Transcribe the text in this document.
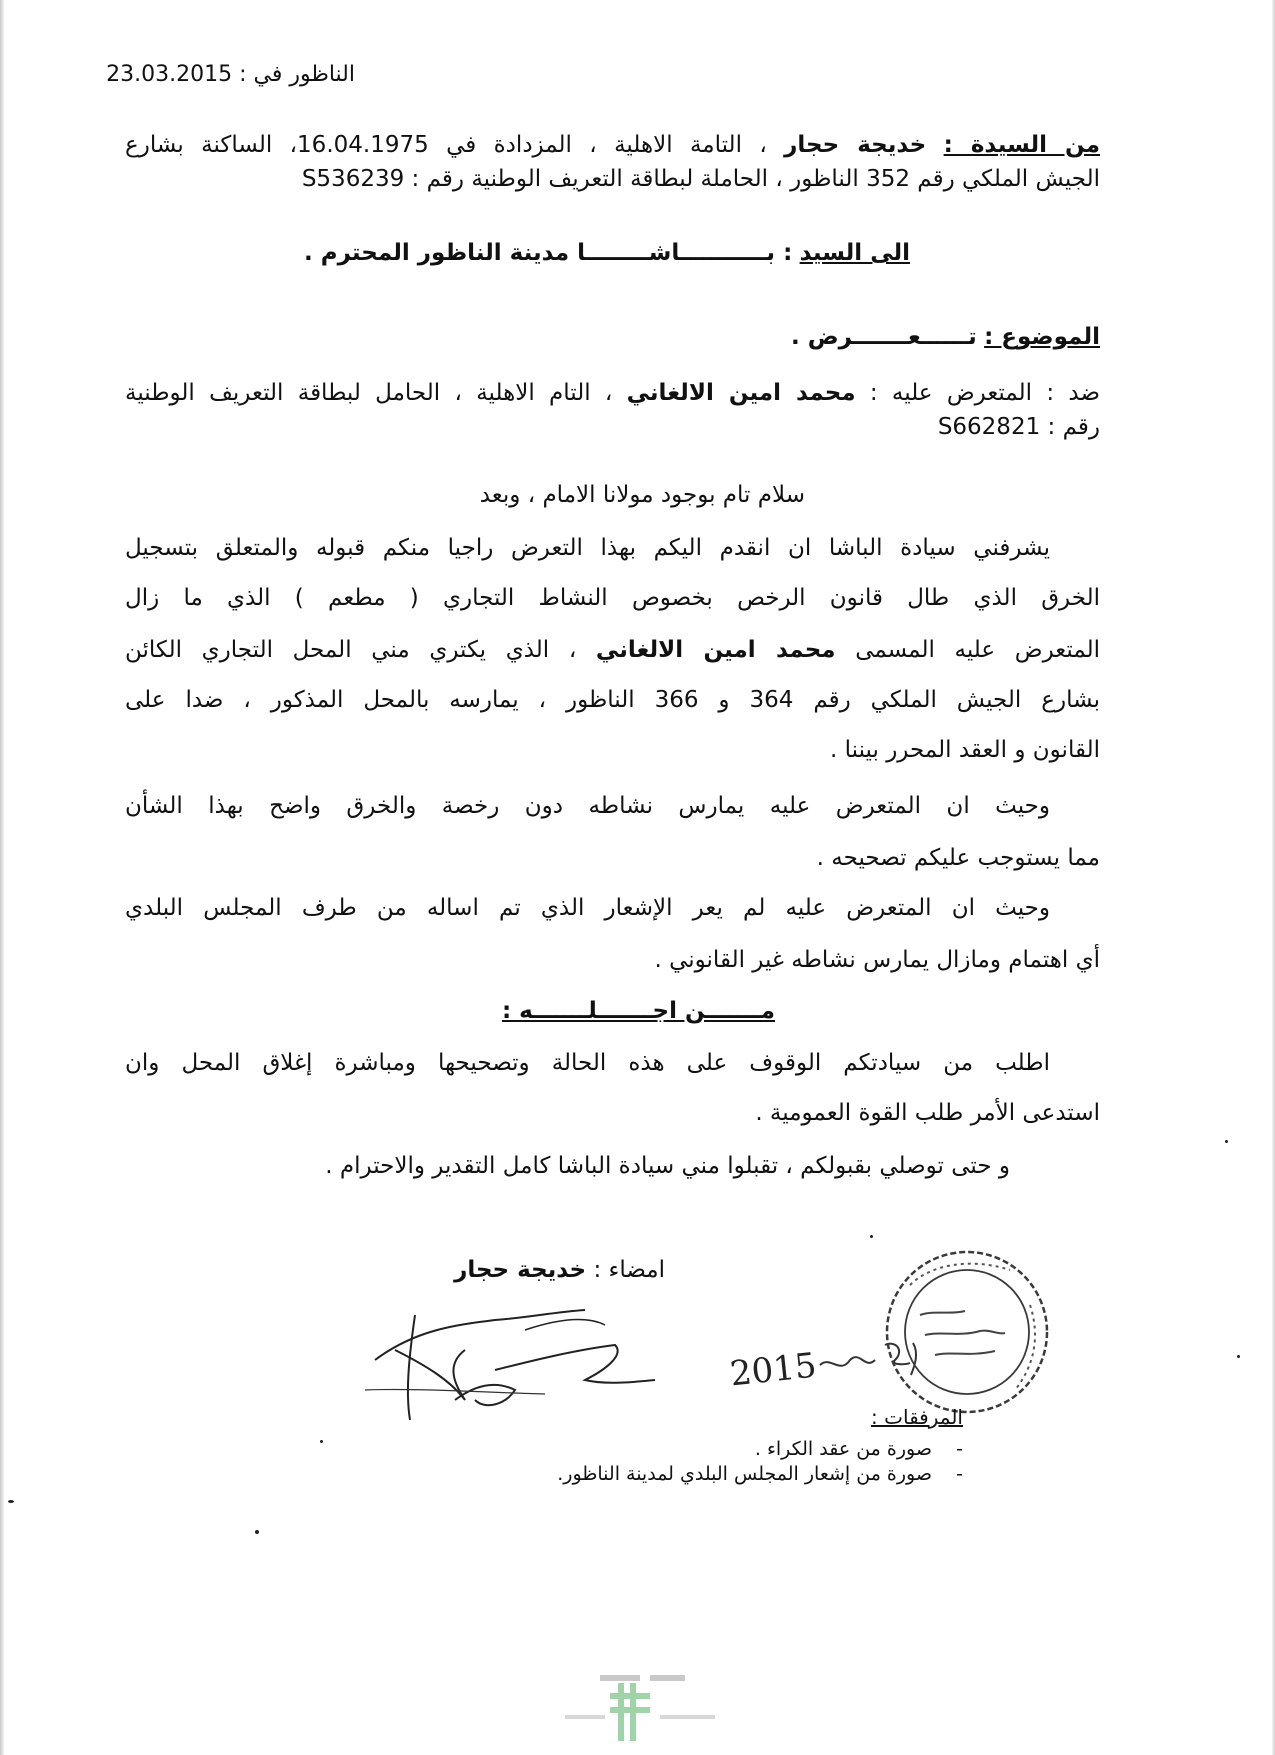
الناظور في : 23.03.2015
من السيدة : خديجة حجار ، التامة الاهلية ، المزدادة في 16.04.1975، الساكنة بشارع
الجيش الملكي رقم 352 الناظور ، الحاملة لبطاقة التعريف الوطنية رقم : S536239
الى السيد : بـــــــــــاشــــــــا مدينة الناظور المحترم .
الموضوع : تــــــعـــــــرض .
ضد : المتعرض عليه : محمد امين الالغاني ، التام الاهلية ، الحامل لبطاقة التعريف الوطنية
رقم : S662821
سلام تام بوجود مولانا الامام ، وبعد
يشرفني سيادة الباشا ان انقدم اليكم بهذا التعرض راجيا منكم قبوله والمتعلق بتسجيل
الخرق الذي طال قانون الرخص بخصوص النشاط التجاري ( مطعم ) الذي ما زال
المتعرض عليه المسمى محمد امين الالغاني ، الذي يكتري مني المحل التجاري الكائن
بشارع الجيش الملكي رقم 364 و 366 الناظور ، يمارسه بالمحل المذكور ، ضدا على
القانون و العقد المحرر بيننا .
وحيث ان المتعرض عليه يمارس نشاطه دون رخصة والخرق واضح بهذا الشأن
مما يستوجب عليكم تصحيحه .
وحيث ان المتعرض عليه لم يعر الإشعار الذي تم اساله من طرف المجلس البلدي
أي اهتمام ومازال يمارس نشاطه غير القانوني .
مـــــــن اجـــــــلـــــــه :
اطلب من سيادتكم الوقوف على هذه الحالة وتصحيحها ومباشرة إغلاق المحل وان
استدعى الأمر طلب القوة العمومية .
و حتى توصلي بقبولكم ، تقبلوا مني سيادة الباشا كامل التقدير والاحترام .
امضاء : خديجة حجار
2015
المرفقات :
-    صورة من عقد الكراء .
-    صورة من إشعار المجلس البلدي لمدينة الناظور.
